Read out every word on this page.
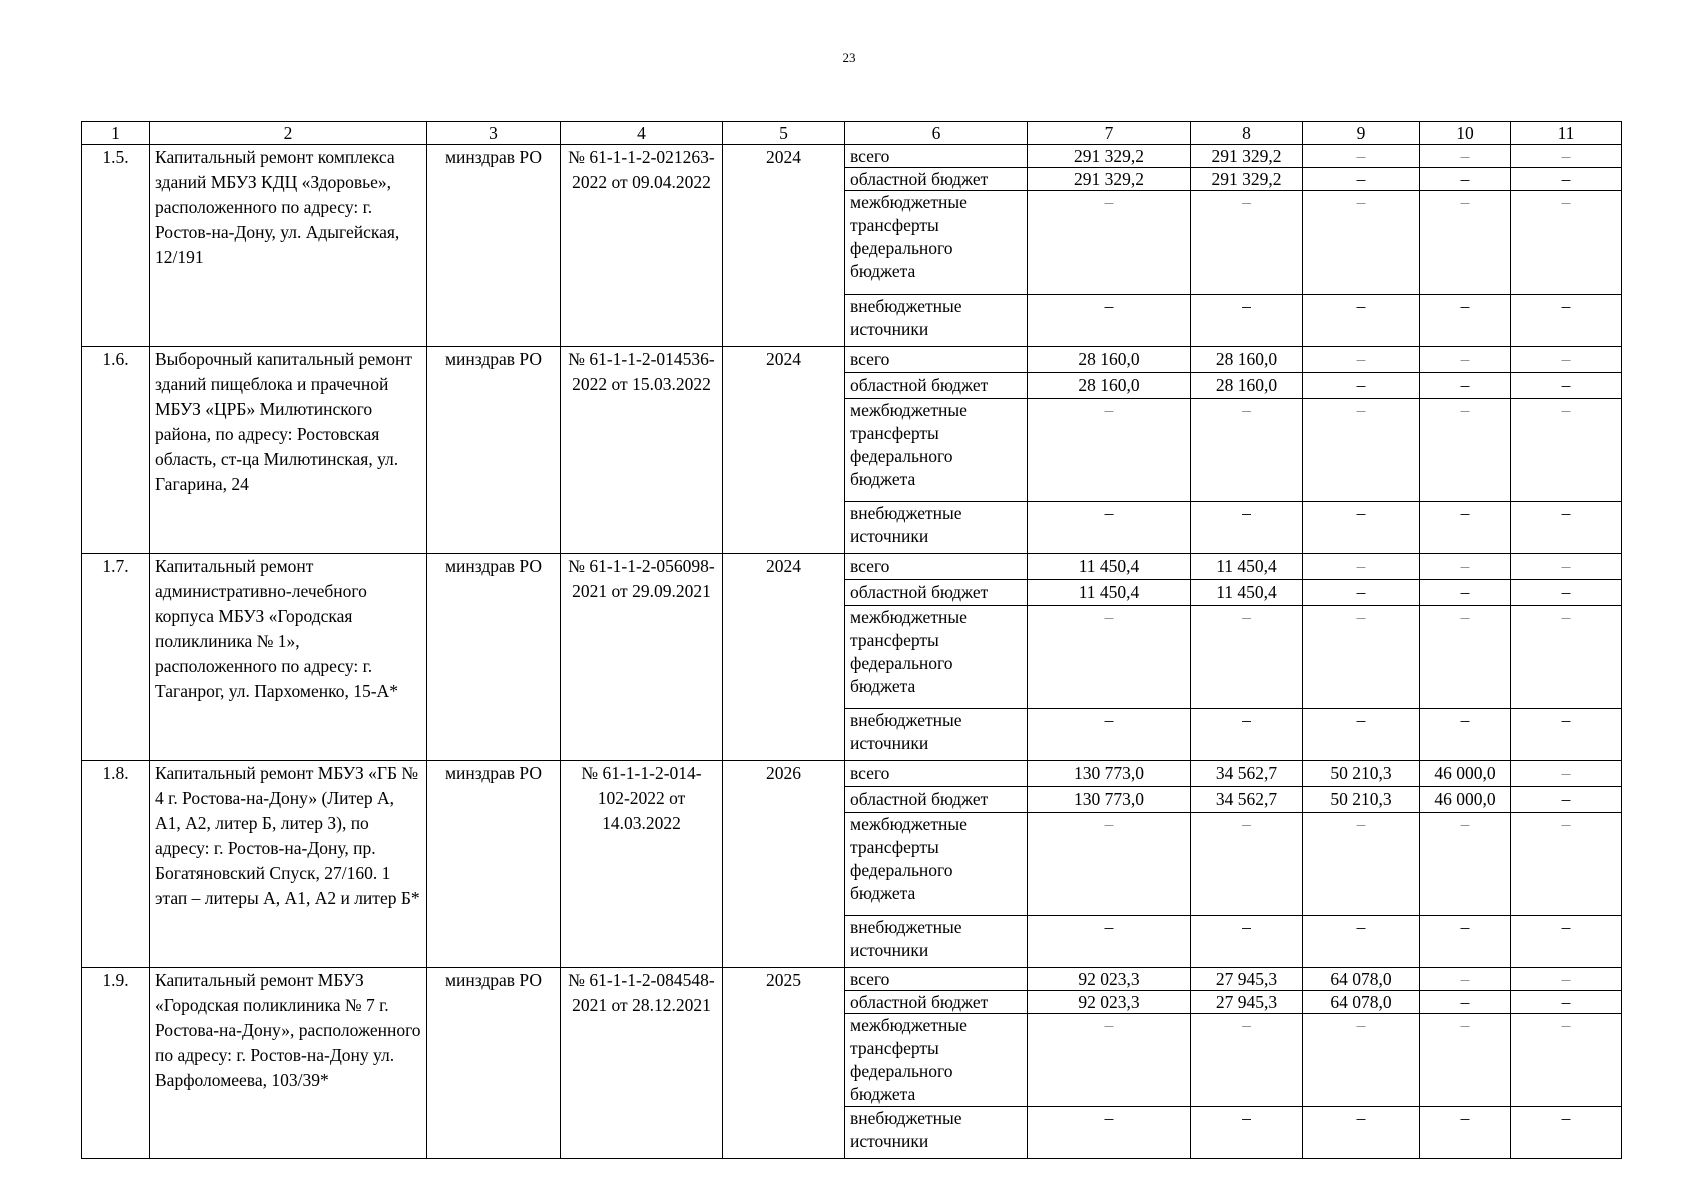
23
1	2	3	4	5	6	7	8	9	10	11
1.5.	Капитальный ремонт комплекса зданий МБУЗ КДЦ «Здоровье», расположенного по адресу: г. Ростов-на-Дону, ул. Адыгейская, 12/191	минздрав РО	№ 61-1-1-2-021263-2022 от 09.04.2022	2024	всего	291 329,2	291 329,2	–	–	–
					областной бюджет	291 329,2	291 329,2	–	–	–
					межбюджетные трансферты федерального бюджета	–	–	–	–	–
					внебюджетные источники	–	–	–	–	–
1.6.	Выборочный капитальный ремонт зданий пищеблока и прачечной МБУЗ «ЦРБ» Милютинского района, по адресу: Ростовская область, ст-ца Милютинская, ул. Гагарина, 24	минздрав РО	№ 61-1-1-2-014536-2022 от 15.03.2022	2024	всего	28 160,0	28 160,0	–	–	–
					областной бюджет	28 160,0	28 160,0	–	–	–
					межбюджетные трансферты федерального бюджета	–	–	–	–	–
					внебюджетные источники	–	–	–	–	–
1.7.	Капитальный ремонт административно-лечебного корпуса МБУЗ «Городская поликлиника № 1», расположенного по адресу: г. Таганрог, ул. Пархоменко, 15-А*	минздрав РО	№ 61-1-1-2-056098-2021 от 29.09.2021	2024	всего	11 450,4	11 450,4	–	–	–
					областной бюджет	11 450,4	11 450,4	–	–	–
					межбюджетные трансферты федерального бюджета	–	–	–	–	–
					внебюджетные источники	–	–	–	–	–
1.8.	Капитальный ремонт МБУЗ «ГБ № 4 г. Ростова-на-Дону» (Литер А, А1, А2, литер Б, литер З), по адресу: г. Ростов-на-Дону, пр. Богатяновский Спуск, 27/160. 1 этап – литеры А, А1, А2 и литер Б*	минздрав РО	№ 61-1-1-2-014-102-2022 от 14.03.2022	2026	всего	130 773,0	34 562,7	50 210,3	46 000,0	–
					областной бюджет	130 773,0	34 562,7	50 210,3	46 000,0	–
					межбюджетные трансферты федерального бюджета	–	–	–	–	–
					внебюджетные источники	–	–	–	–	–
1.9.	Капитальный ремонт МБУЗ «Городская поликлиника № 7 г. Ростова-на-Дону», расположенного по адресу: г. Ростов-на-Дону ул. Варфоломеева, 103/39*	минздрав РО	№ 61-1-1-2-084548-2021 от 28.12.2021	2025	всего	92 023,3	27 945,3	64 078,0	–	–
					областной бюджет	92 023,3	27 945,3	64 078,0	–	–
					межбюджетные трансферты федерального бюджета	–	–	–	–	–
					внебюджетные источники	–	–	–	–	–
